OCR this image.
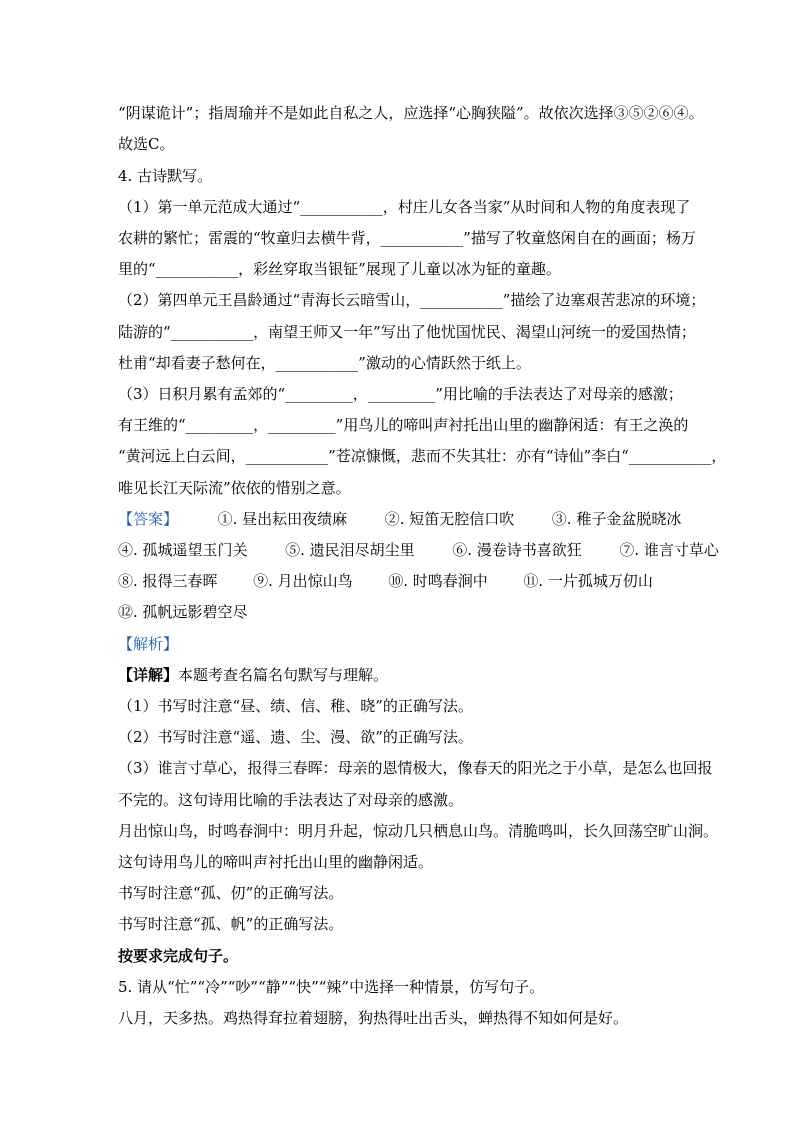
“阴谋诡计”；指周瑜并不是如此自私之人，应选择“心胸狭隘”。故依次选择③⑤②⑥④。
故选C。
4. 古诗默写。
（1）第一单元范成大通过“___________，村庄儿女各当家”从时间和人物的角度表现了
农耕的繁忙；雷震的“牧童归去横牛背，___________”描写了牧童悠闲自在的画面；杨万
里的“___________，彩丝穿取当银钲”展现了儿童以冰为钲的童趣。
（2）第四单元王昌龄通过“青海长云暗雪山，___________”描绘了边塞艰苦悲凉的环境；
陆游的“___________，南望王师又一年”写出了他忧国忧民、渴望山河统一的爱国热情；
杜甫“却看妻子愁何在，___________”激动的心情跃然于纸上。
（3）日积月累有孟郊的“_________，_________”用比喻的手法表达了对母亲的感激；
有王维的“_________，_________”用鸟儿的啼叫声衬托出山里的幽静闲适：有王之涣的
“黄河远上白云间，___________”苍凉慷慨，悲而不失其壮：亦有“诗仙”李白“___________，
唯见长江天际流”依依的惜别之意。
【答案】	①. 昼出耘田夜绩麻	②. 短笛无腔信口吹	③. 稚子金盆脱晓冰
④. 孤城遥望玉门关	⑤. 遗民泪尽胡尘里	⑥. 漫卷诗书喜欲狂	⑦. 谁言寸草心
⑧. 报得三春晖 ⑨. 月出惊山鸟 ⑩. 时鸣春涧中 ⑪. 一片孤城万仞山
⑫. 孤帆远影碧空尽
【解析】
【详解】本题考查名篇名句默写与理解。
（1）书写时注意“昼、绩、信、稚、晓”的正确写法。
（2）书写时注意“遥、遗、尘、漫、欲”的正确写法。
（3）谁言寸草心，报得三春晖：母亲的恩情极大，像春天的阳光之于小草，是怎么也回报
不完的。这句诗用比喻的手法表达了对母亲的感激。
月出惊山鸟，时鸣春涧中：明月升起，惊动几只栖息山鸟。清脆鸣叫，长久回荡空旷山涧。
这句诗用鸟儿的啼叫声衬托出山里的幽静闲适。
书写时注意“孤、仞”的正确写法。
书写时注意“孤、帆”的正确写法。
按要求完成句子。
5. 请从“忙”“冷”“吵”“静”“快”“辣”中选择一种情景，仿写句子。
八月，天多热。鸡热得耷拉着翅膀，狗热得吐出舌头，蝉热得不知如何是好。
